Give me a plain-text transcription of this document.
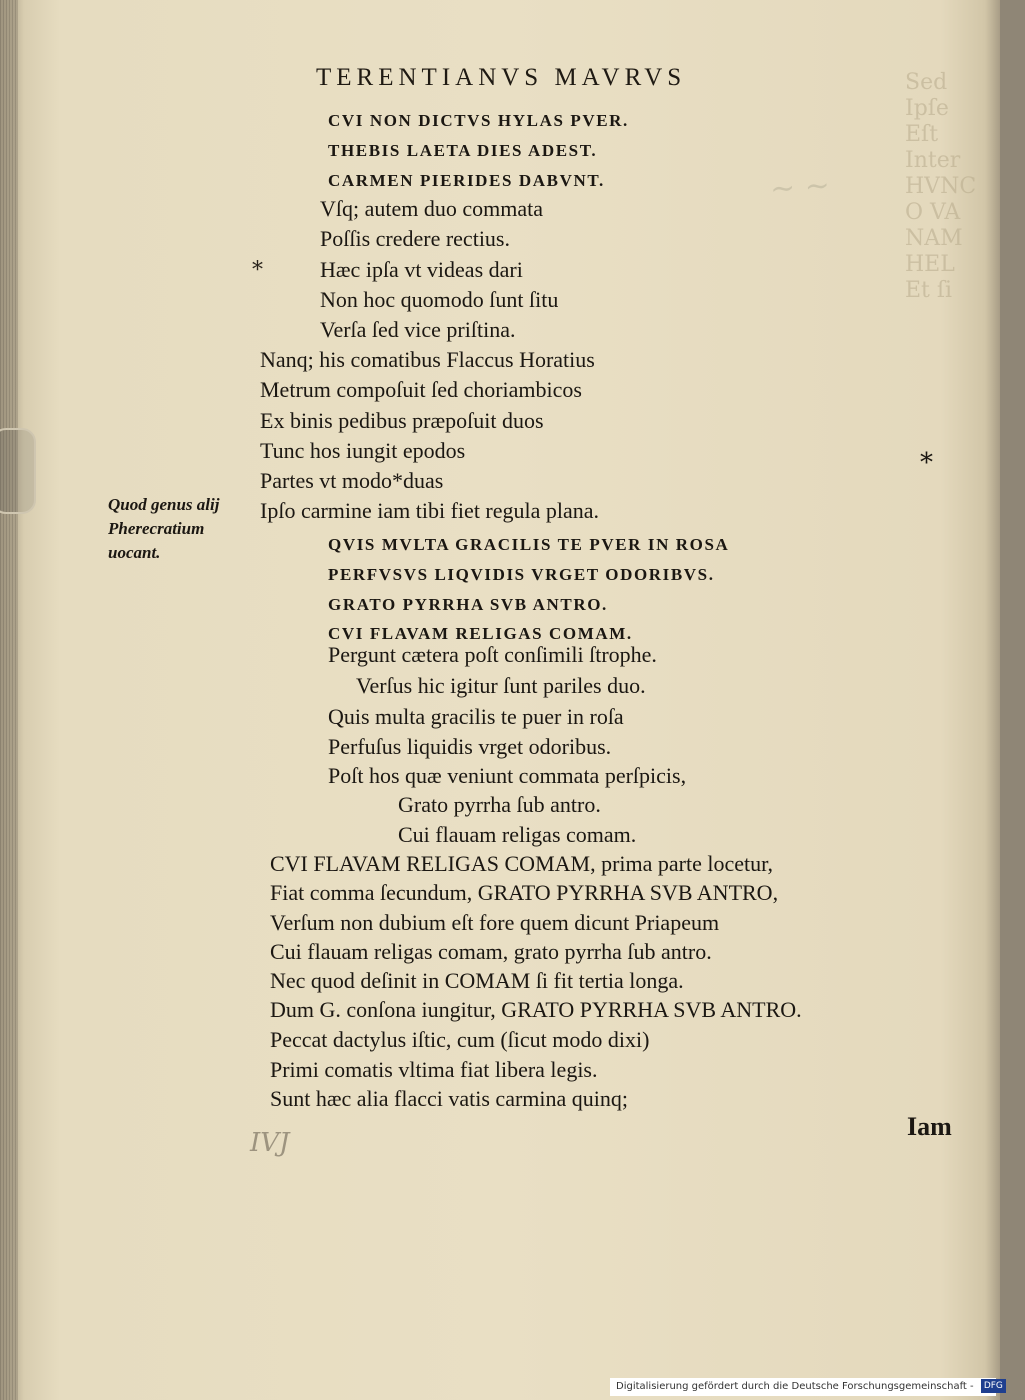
Sed
Ipſe
Eſt
Inter
HVNC
O VA
NAM
HEL
Et ſi
~ ~
TERENTIANVS MAVRVS
*
*
CVI NON DICTVS HYLAS PVER.
THEBIS LAETA DIES ADEST.
CARMEN PIERIDES DABVNT.
Vſq; autem duo commata
Poſſis credere rectius.
Hæc ipſa vt videas dari
Non hoc quomodo ſunt ſitu
Verſa ſed vice priſtina.
Nanq; his comatibus Flaccus Horatius
Metrum compoſuit ſed choriambicos
Ex binis pedibus præpoſuit duos
Tunc hos iungit epodos
Partes vt modo*duas
Ipſo carmine iam tibi fiet regula plana.
QVIS MVLTA GRACILIS TE PVER IN ROSA
PERFVSVS LIQVIDIS VRGET ODORIBVS.
GRATO PYRRHA SVB ANTRO.
CVI FLAVAM RELIGAS COMAM.
Pergunt cætera poſt conſimili ſtrophe.
Verſus hic igitur ſunt pariles duo.
Quis multa gracilis te puer in roſa
Perfuſus liquidis vrget odoribus.
Poſt hos quæ veniunt commata perſpicis,
Grato pyrrha ſub antro.
Cui flauam religas comam.
CVI FLAVAM RELIGAS COMAM, prima parte locetur,
Fiat comma ſecundum, GRATO PYRRHA SVB ANTRO,
Verſum non dubium eſt fore quem dicunt Priapeum
Cui flauam religas comam, grato pyrrha ſub antro.
Nec quod deſinit in COMAM ſi fit tertia longa.
Dum G. conſona iungitur, GRATO PYRRHA SVB ANTRO.
Peccat dactylus iſtic, cum (ſicut modo dixi)
Primi comatis vltima fiat libera legis.
Sunt hæc alia flacci vatis carmina quinq;
Quod genus alij
Pherecratium
uocant.
IVJ
Iam
Digitalisierung gefördert durch die Deutsche Forschungsgemeinschaft - DFG
